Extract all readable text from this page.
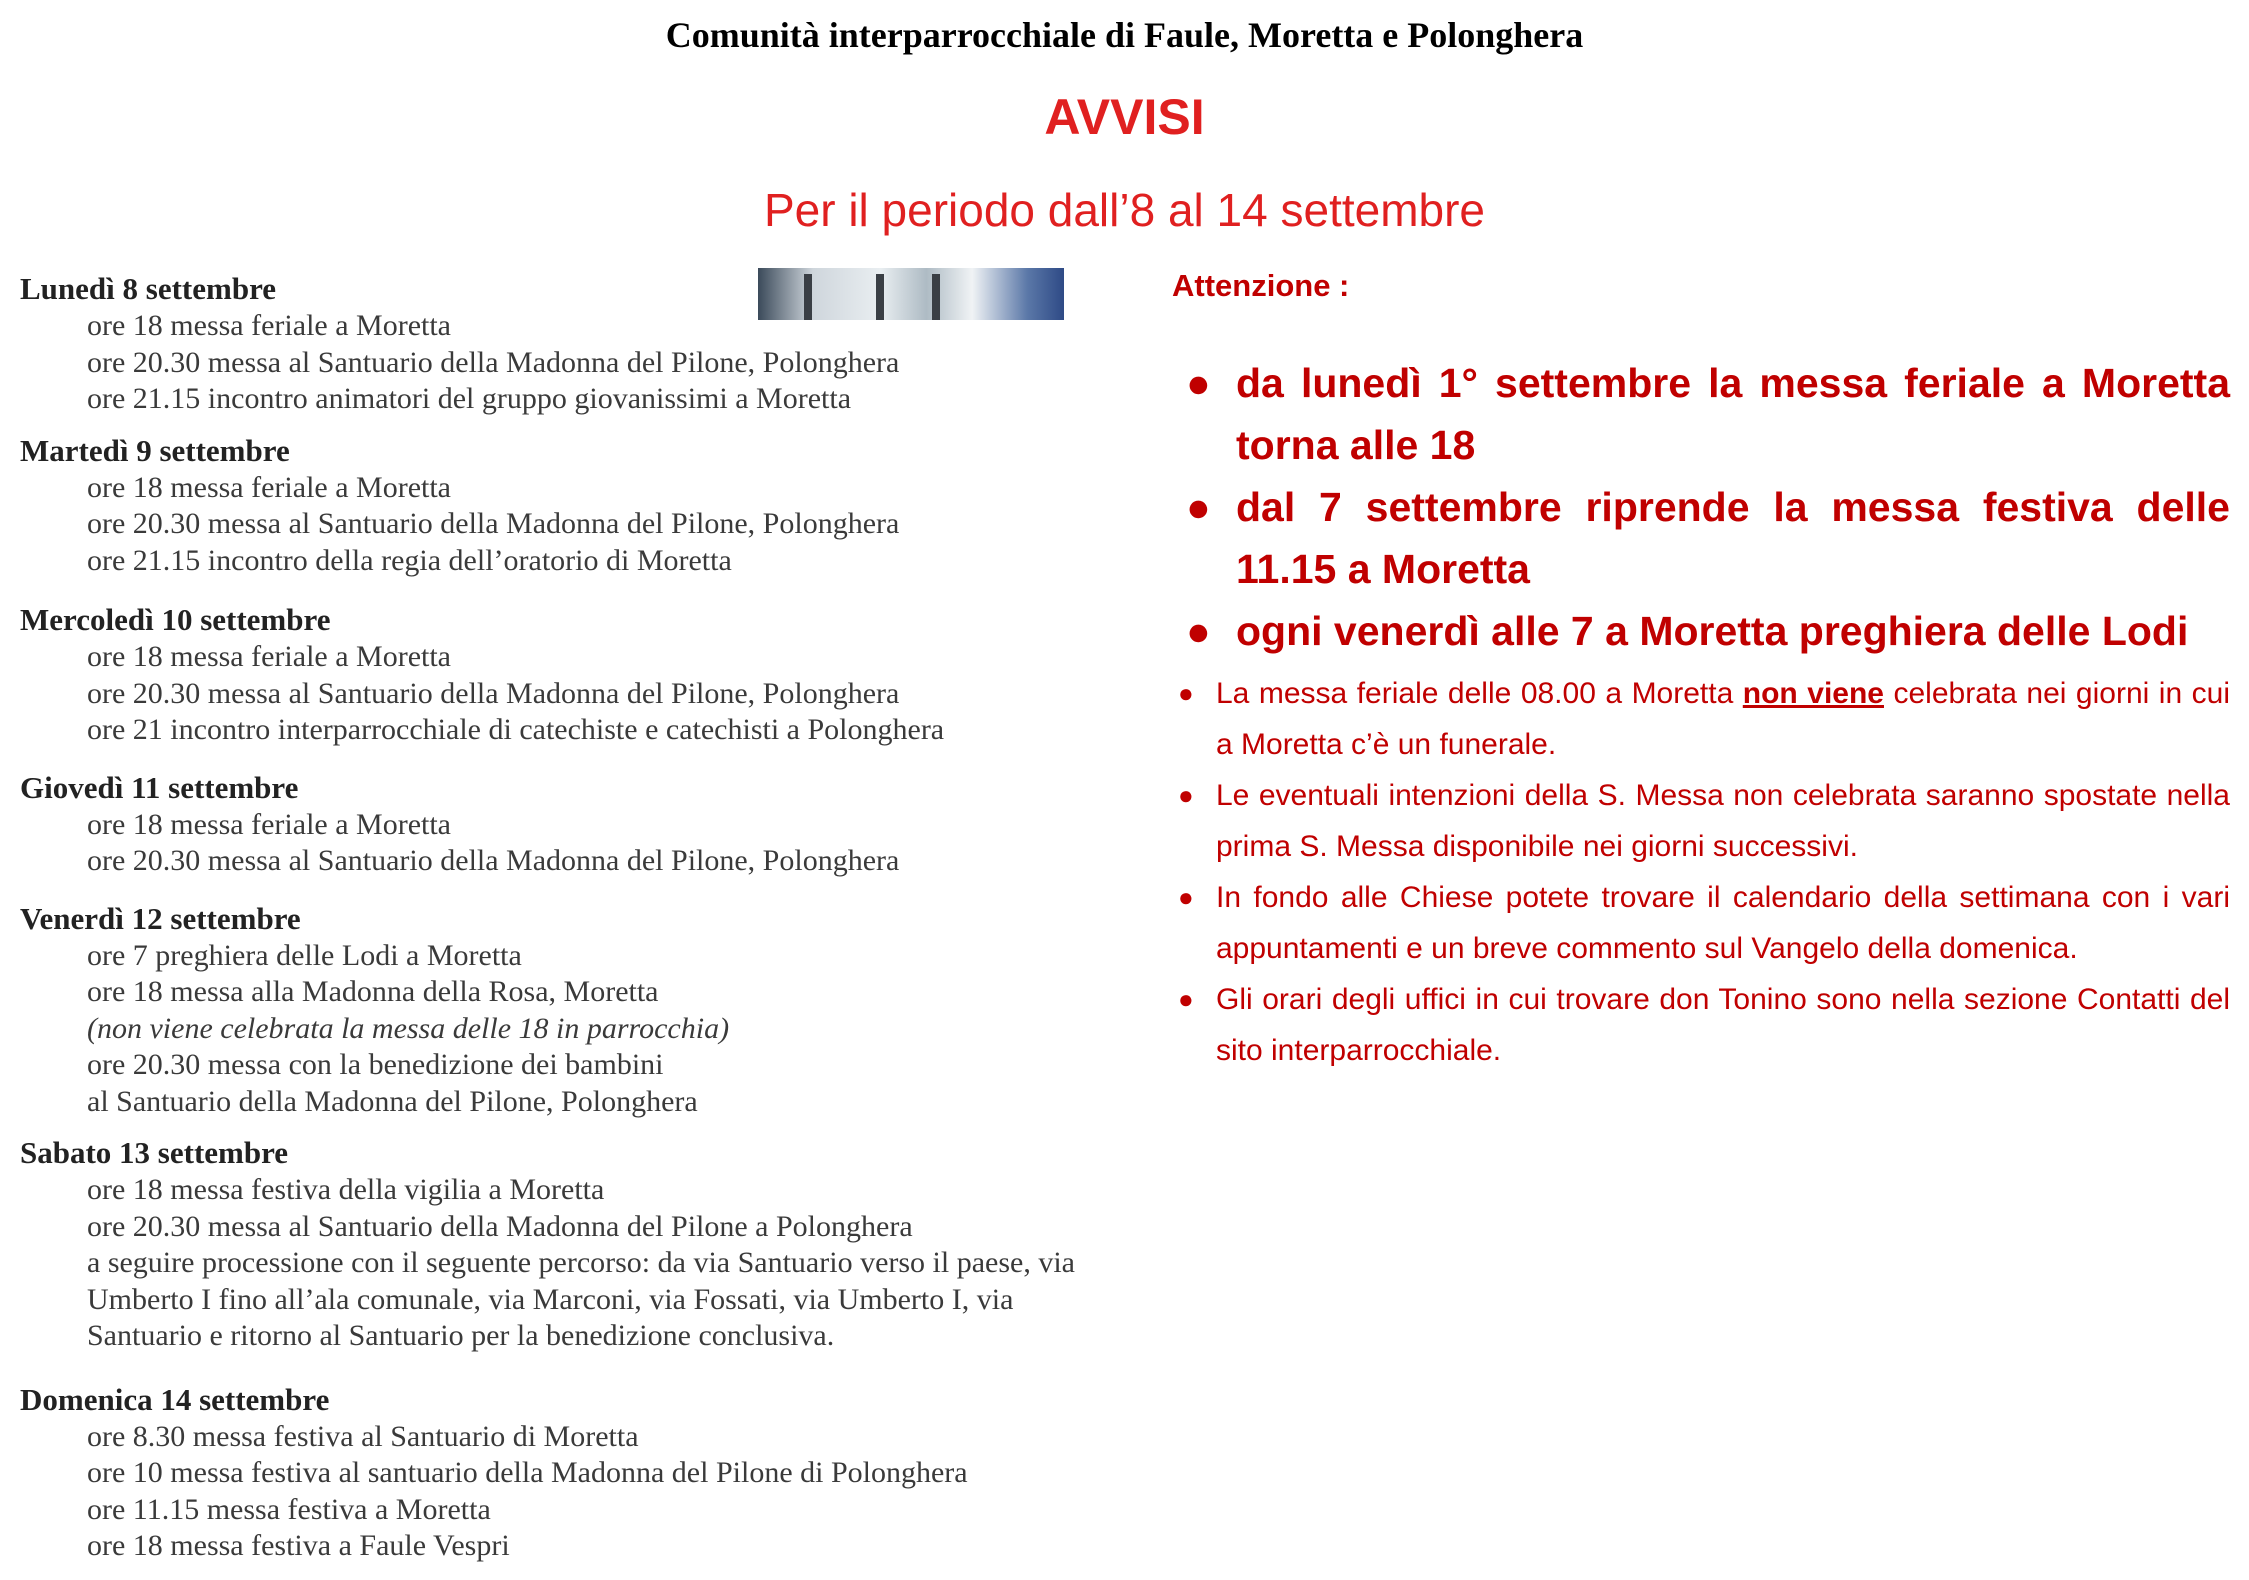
Comunità interparrocchiale di Faule, Moretta e Polonghera
AVVISI
Per il periodo dall’8 al 14 settembre
Lunedì 8 settembre
ore 18 messa feriale a Moretta
ore 20.30 messa al Santuario della Madonna del Pilone, Polonghera
ore 21.15 incontro animatori del gruppo giovanissimi a Moretta
Martedì 9 settembre
ore 18 messa feriale a Moretta
ore 20.30 messa al Santuario della Madonna del Pilone, Polonghera
ore 21.15 incontro della regia dell’oratorio di Moretta
Mercoledì 10 settembre
ore 18 messa feriale a Moretta
ore 20.30 messa al Santuario della Madonna del Pilone, Polonghera
ore 21 incontro interparrocchiale di catechiste e catechisti a Polonghera
Giovedì 11 settembre
ore 18 messa feriale a Moretta
ore 20.30 messa al Santuario della Madonna del Pilone, Polonghera
Venerdì 12 settembre
ore 7 preghiera delle Lodi a Moretta
ore 18 messa alla Madonna della Rosa, Moretta
(non viene celebrata la messa delle 18 in parrocchia)
ore 20.30 messa con la benedizione dei bambini
al Santuario della Madonna del Pilone, Polonghera
Sabato 13 settembre
ore 18 messa festiva della vigilia a Moretta
ore 20.30 messa al Santuario della Madonna del Pilone a Polonghera
a seguire processione con il seguente percorso: da via Santuario verso il paese, via
Umberto I fino all’ala comunale, via Marconi, via Fossati, via Umberto I, via
Santuario e ritorno al Santuario per la benedizione conclusiva.
Domenica 14 settembre
ore 8.30 messa festiva al Santuario di Moretta
ore 10 messa festiva al santuario della Madonna del Pilone di Polonghera
ore 11.15 messa festiva a Moretta
ore 18 messa festiva a Faule Vespri
Attenzione :
● da lunedì 1° settembre la messa feriale a Moretta torna alle 18
● dal 7 settembre riprende la messa festiva delle 11.15 a Moretta
● ogni venerdì alle 7 a Moretta preghiera delle Lodi
● La messa feriale delle 08.00 a Moretta non viene celebrata nei giorni in cui a Moretta c’è un funerale.
● Le eventuali intenzioni della S. Messa non celebrata saranno spostate nella prima S. Messa disponibile nei giorni successivi.
● In fondo alle Chiese potete trovare il calendario della settimana con i vari appuntamenti e un breve commento sul Vangelo della domenica.
● Gli orari degli uffici in cui trovare don Tonino sono nella sezione Contatti del sito interparrocchiale.
